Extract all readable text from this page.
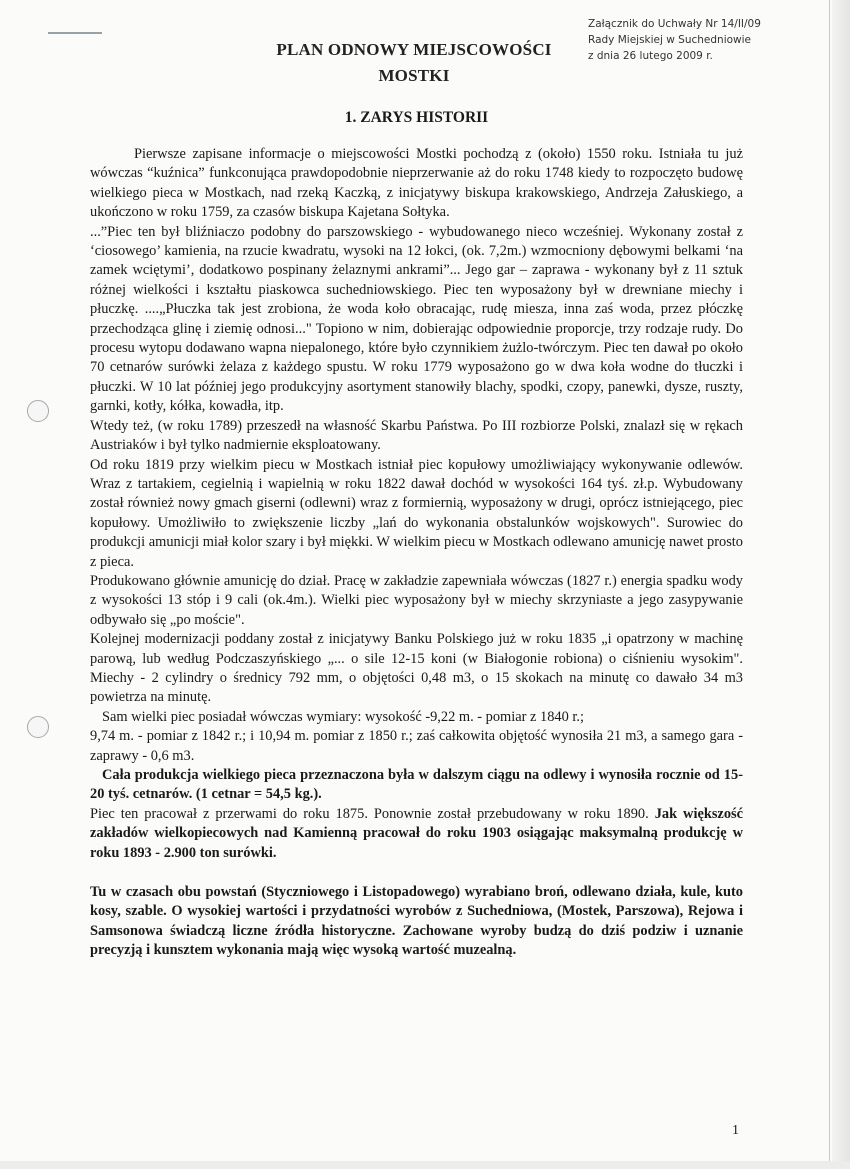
Załącznik do Uchwały Nr 14/II/09
Rady Miejskiej w Suchedniowie
z dnia 26 lutego 2009 r.
PLAN ODNOWY MIEJSCOWOŚCI
MOSTKI
1. ZARYS HISTORII

Pierwsze zapisane informacje o miejscowości Mostki pochodzą z (około) 1550 roku. Istniała tu już wówczas “kuźnica” funkconująca prawdopodobnie nieprzerwanie aż do roku 1748 kiedy to rozpoczęto budowę wielkiego pieca w Mostkach, nad rzeką Kaczką, z inicjatywy biskupa krakowskiego, Andrzeja Załuskiego, a ukończono w roku 1759, za czasów biskupa Kajetana Sołtyka.

...”Piec ten był bliźniaczo podobny do parszowskiego - wybudowanego nieco wcześniej. Wykonany został z ‘ciosowego’ kamienia, na rzucie kwadratu, wysoki na 12 łokci, (ok. 7,2m.) wzmocniony dębowymi belkami ‘na zamek wciętymi’, dodatkowo pospinany żelaznymi ankrami”... Jego gar – zaprawa - wykonany był z 11 sztuk różnej wielkości i kształtu piaskowca suchedniowskiego. Piec ten wyposażony był w drewniane miechy i płuczkę. ....„Płuczka tak jest zrobiona, że woda koło obracając, rudę miesza, inna zaś woda, przez płóczkę przechodząca glinę i ziemię odnosi..." Topiono w nim, dobierając odpowiednie proporcje, trzy rodzaje rudy. Do procesu wytopu dodawano wapna niepalonego, które było czynnikiem żużlo-twórczym. Piec ten dawał po około 70 cetnarów surówki żelaza z każdego spustu. W roku 1779 wyposażono go w dwa koła wodne do tłuczki i płuczki. W 10 lat później jego produkcyjny asortyment stanowiły blachy, spodki, czopy, panewki, dysze, ruszty, garnki, kotły, kółka, kowadła, itp.

Wtedy też, (w roku 1789) przeszedł na własność Skarbu Państwa. Po III rozbiorze Polski, znalazł się w rękach Austriaków i był tylko nadmiernie eksploatowany.

Od roku 1819 przy wielkim piecu w Mostkach istniał piec kopułowy umożliwiający wykonywanie odlewów. Wraz z tartakiem, cegielnią i wapielnią w roku 1822 dawał dochód w wysokości 164 tyś. zł.p. Wybudowany został również nowy gmach giserni (odlewni) wraz z formiernią, wyposażony w drugi, oprócz istniejącego, piec kopułowy. Umożliwiło to zwiększenie liczby „lań do wykonania obstalunków wojskowych". Surowiec do produkcji amunicji miał kolor szary i był miękki. W wielkim piecu w Mostkach odlewano amunicję nawet prosto z pieca.

Produkowano głównie amunicję do dział. Pracę w zakładzie zapewniała wówczas (1827 r.) energia spadku wody z wysokości 13 stóp i 9 cali (ok.4m.). Wielki piec wyposażony był w miechy skrzyniaste a jego zasypywanie odbywało się „po moście".

Kolejnej modernizacji poddany został z inicjatywy Banku Polskiego już w roku 1835 „i opatrzony w machinę parową, lub według Podczaszyńskiego „... o sile 12-15 koni (w Białogonie robiona) o ciśnieniu wysokim". Miechy - 2 cylindry o średnicy 792 mm, o objętości 0,48 m3, o 15 skokach na minutę co dawało 34 m3 powietrza na minutę.

Sam wielki piec posiadał wówczas wymiary: wysokość -9,22 m. - pomiar z 1840 r.;

9,74 m. - pomiar z 1842 r.; i 10,94 m. pomiar z 1850 r.; zaś całkowita objętość wynosiła 21 m3, a samego gara - zaprawy - 0,6 m3.

Cała produkcja wielkiego pieca przeznaczona była w dalszym ciągu na odlewy i wynosiła rocznie od 15-20 tyś. cetnarów. (1 cetnar = 54,5 kg.).

Piec ten pracował z przerwami do roku 1875. Ponownie został przebudowany w roku 1890. Jak większość zakładów wielkopiecowych nad Kamienną pracował do roku 1903 osiągając maksymalną produkcję w roku 1893 - 2.900 ton surówki.

Tu w czasach obu powstań (Styczniowego i Listopadowego) wyrabiano broń, odlewano działa, kule, kuto kosy, szable. O wysokiej wartości i przydatności wyrobów z Suchedniowa, (Mostek, Parszowa), Rejowa i Samsonowa świadczą liczne źródła historyczne. Zachowane wyroby budzą do dziś podziw i uznanie precyzją i kunsztem wykonania mają więc wysoką wartość muzealną.

1
